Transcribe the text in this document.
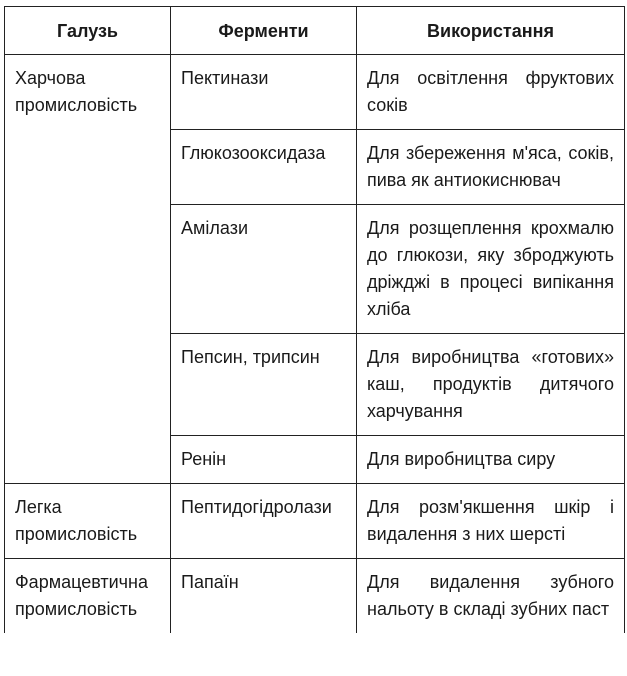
Галузь	Ферменти	Використання
Харчова промисловість	Пектинази	Для освітлення фруктових соків
	Глюкозооксидаза	Для збереження м'яса, соків, пива як антиокиснювач
	Амілази	Для розщеплення крохмалю до глюкози, яку зброджують дріжджі в процесі випікання хліба
	Пепсин, трипсин	Для виробництва «готових» каш, продуктів дитячого харчування
	Ренін	Для виробництва сиру
Легка промисловість	Пептидогідролази	Для розм'якшення шкір і видалення з них шерсті
Фармацевтична промисловість	Папаїн	Для видалення зубного нальоту в складі зубних паст
